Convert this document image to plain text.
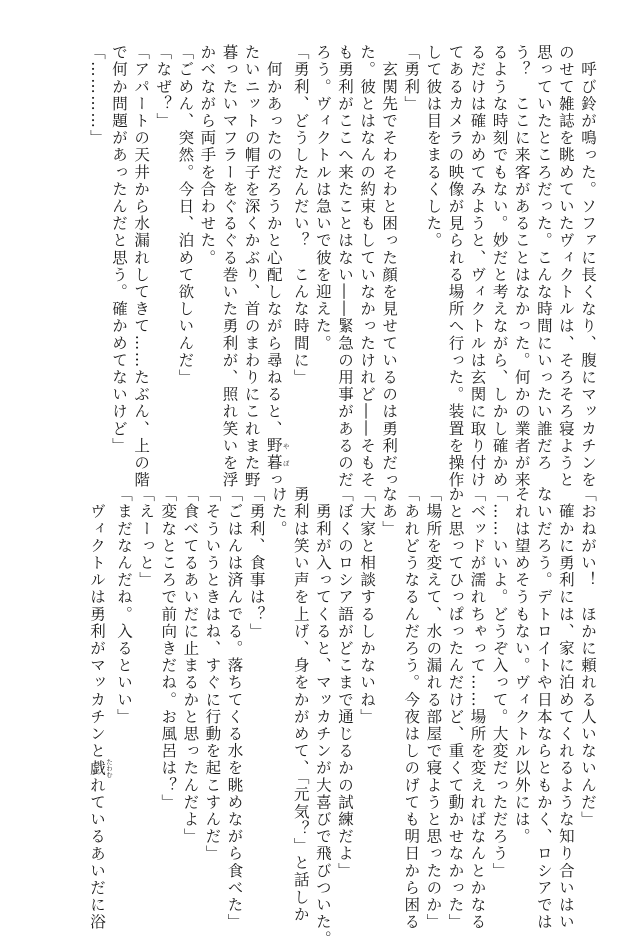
　呼び鈴が鳴った。ソファに長くなり、腹にマッカチンを
のせて雑誌を眺めていたヴィクトルは、そろそろ寝ようと
思っていたところだった。こんな時間にいったい誰だろ
う？　ここに来客があることはなかった。何かの業者が来
るような時刻でもない。妙だと考えながら、しかし確かめ
るだけは確かめてみようと、ヴィクトルは玄関に取り付け
てあるカメラの映像が見られる場所へ行った。装置を操作
して彼は目をまるくした。
「勇利」
　玄関先でそわそわと困った顔を見せているのは勇利だっ
た。彼とはなんの約束もしていなかったけれど――そもそ
も勇利がここへ来たことはない――緊急の用事があるのだ
ろう。ヴィクトルは急いで彼を迎えた。
「勇利、どうしたんだい？　こんな時間に」
　何かあったのだろうかと心配しながら尋ねると、野暮 やぼっ
たいニットの帽子を深くかぶり、首のまわりにこれまた野
暮ったいマフラーをぐるぐる巻いた勇利が、照れ笑いを浮
かべながら両手を合わせた。
「ごめん、突然。今日、泊めて欲しいんだ」
「なぜ？」
「アパートの天井から水漏れしてきて……たぶん、上の階
で何か問題があったんだと思う。確かめてないけど」
「…………」
「おねがい！　ほかに頼れる人いないんだ」
　確かに勇利には、家に泊めてくれるような知り合いはい
ないだろう。デトロイトや日本ならともかく、ロシアでは
それは望めそうもない。ヴィクトル以外には。
「……いいよ。どうぞ入って。大変だっただろう」
「ベッドが濡れちゃって……場所を変えればなんとかなる
かと思ってひっぱったんだけど、重くて動かせなかった」
「場所を変えて、水の漏れる部屋で寝ようと思ったのか」
「あれどうなるんだろう。今夜はしのげても明日から困る
なあ」
「大家と相談するしかないね」
「ぼくのロシア語がどこまで通じるかの試練だよ」
　勇利が入ってくると、マッカチンが大喜びで飛びついた。
勇利は笑い声を上げ、身をかがめて、「元気？」と話しか
けた。
「勇利、食事は？」
「ごはんは済んでる。落ちてくる水を眺めながら食べた」
「そういうときはね、すぐに行動を起こすんだ」
「食べてるあいだに止まるかと思ったんだよ」
「変なところで前向きだね。お風呂は？」
「えーっと」
「まだなんだね。入るといい」
　ヴィクトルは勇利がマッカチンと戯 たわむれているあいだに浴
